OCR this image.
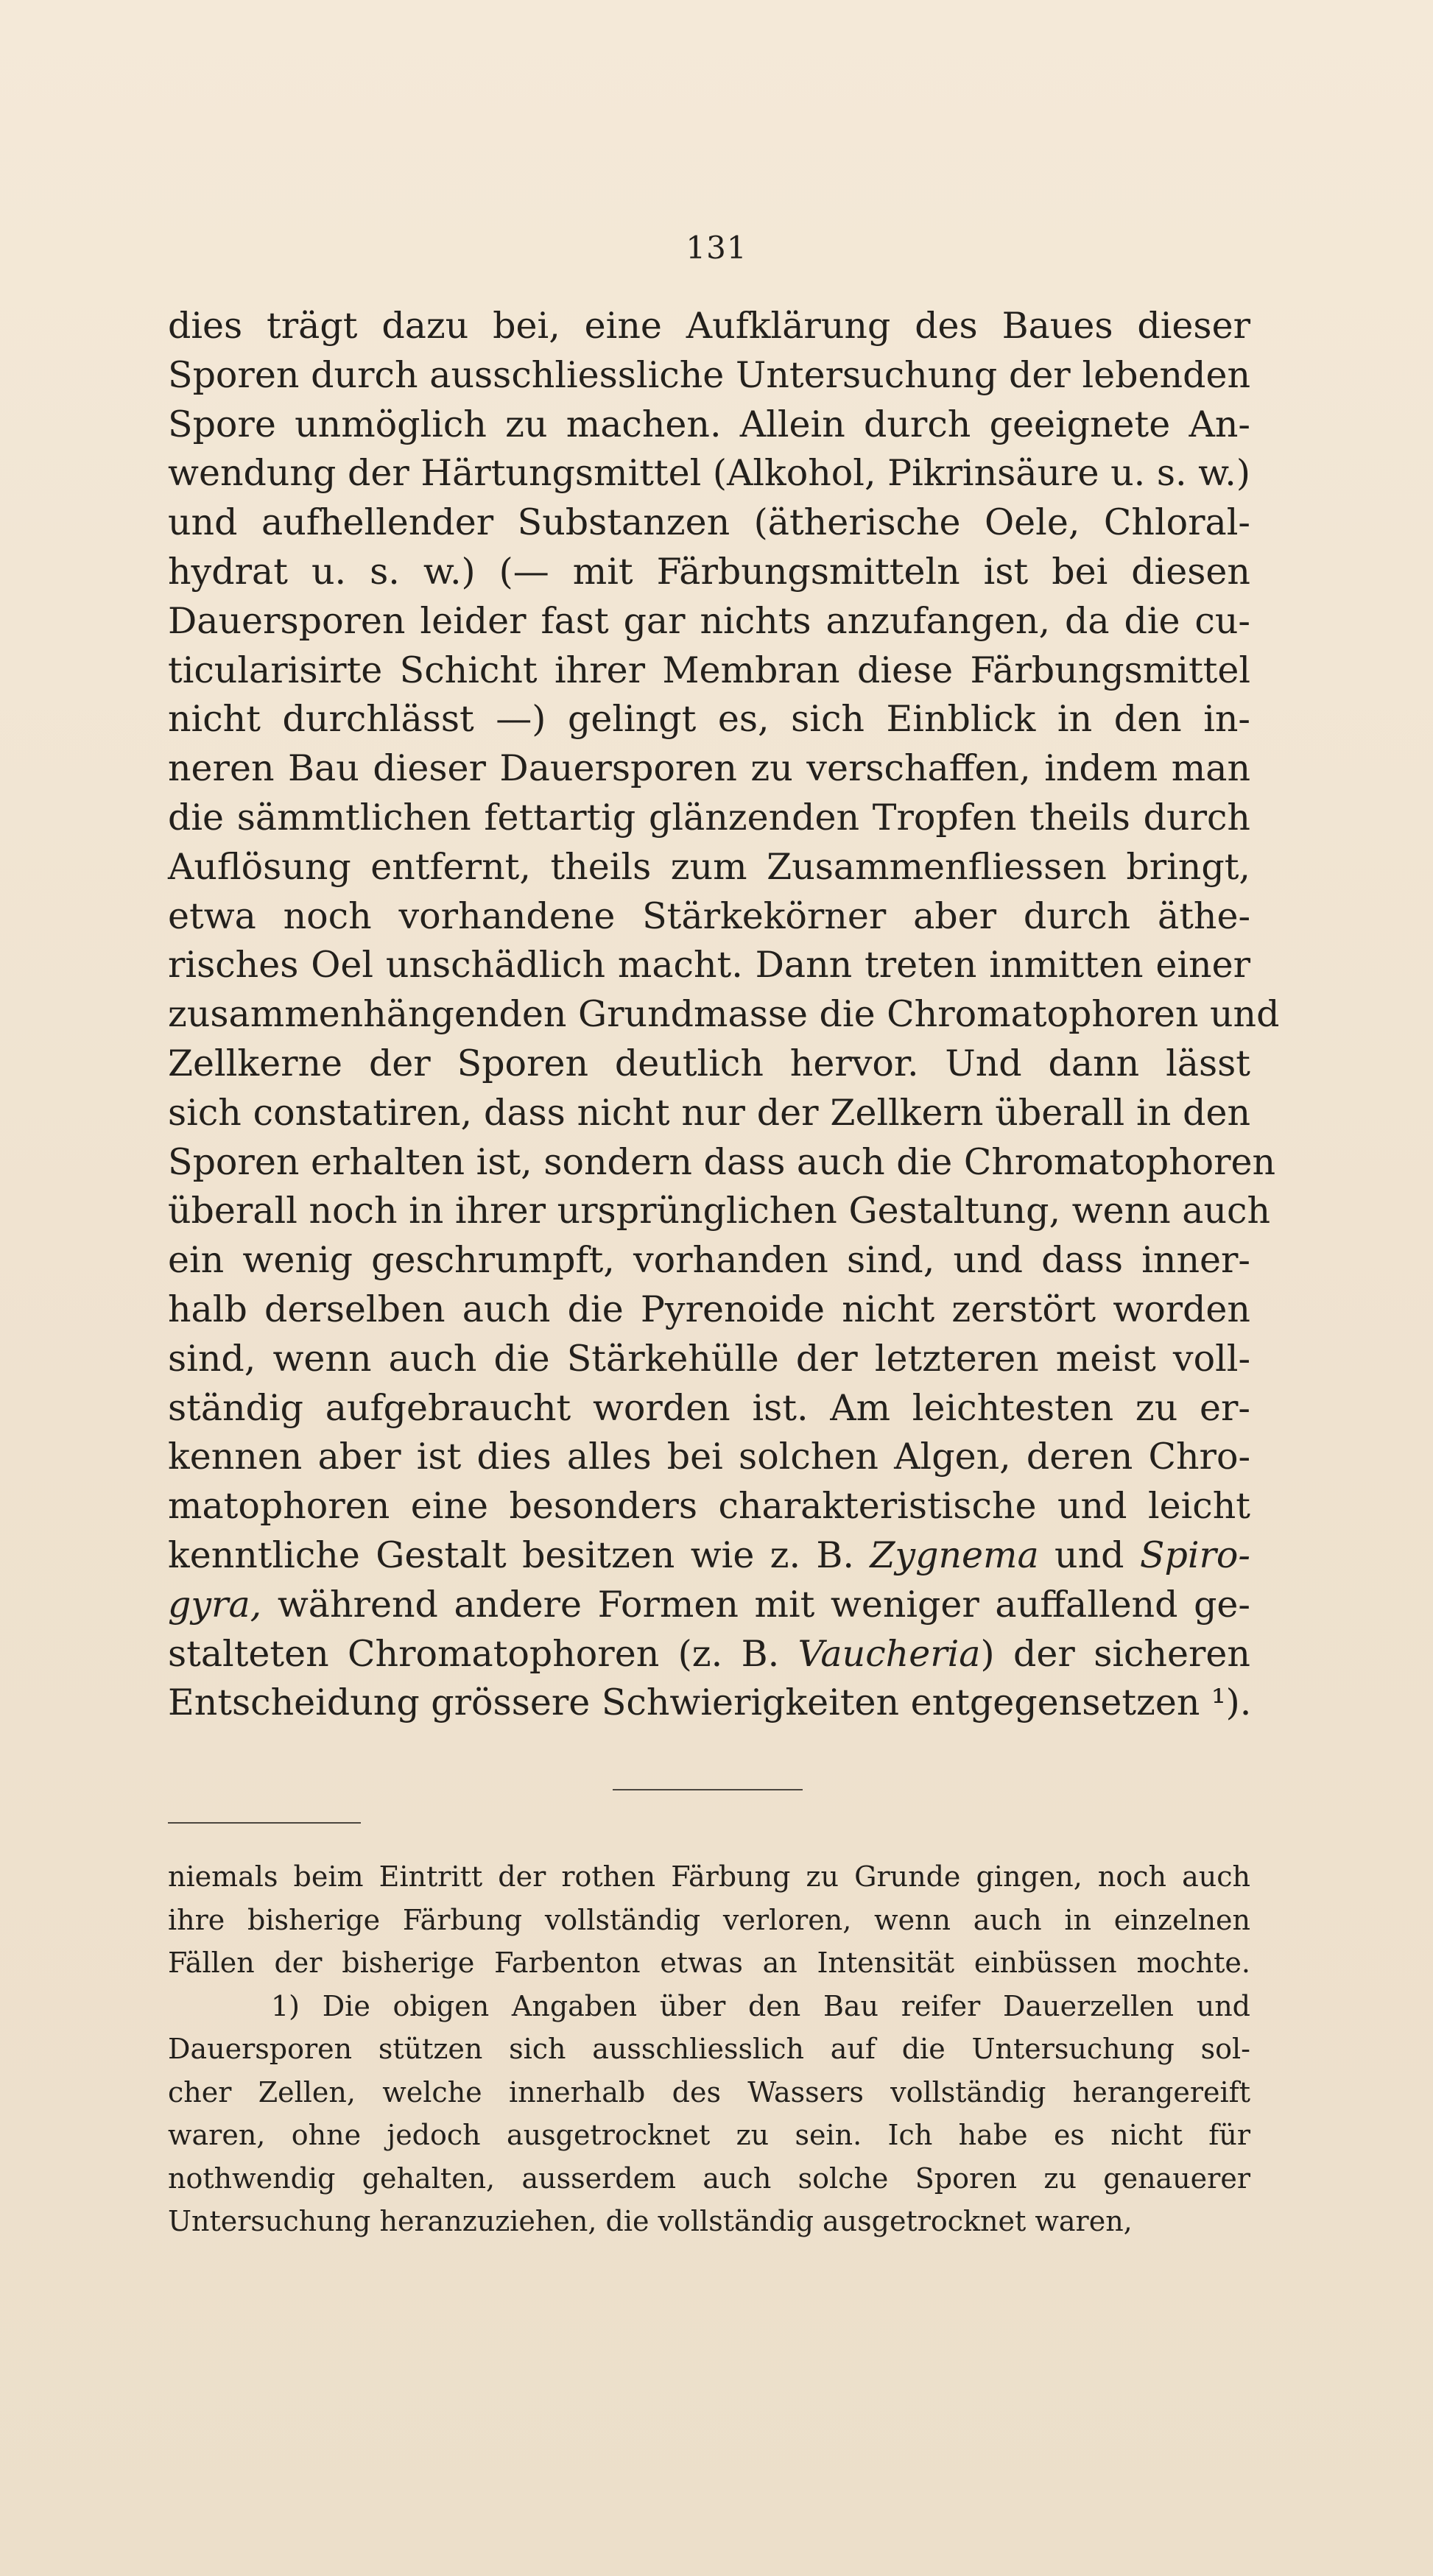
131
dies trägt dazu bei, eine Aufklärung des Baues dieser
Sporen durch ausschliessliche Untersuchung der lebenden
Spore unmöglich zu machen. Allein durch geeignete An-
wendung der Härtungsmittel (Alkohol, Pikrinsäure u. s. w.)
und aufhellender Substanzen (ätherische Oele, Chloral-
hydrat u. s. w.) (— mit Färbungsmitteln ist bei diesen
Dauersporen leider fast gar nichts anzufangen, da die cu-
ticularisirte Schicht ihrer Membran diese Färbungsmittel
nicht durchlässt —) gelingt es, sich Einblick in den in-
neren Bau dieser Dauersporen zu verschaffen, indem man
die sämmtlichen fettartig glänzenden Tropfen theils durch
Auflösung entfernt, theils zum Zusammenfliessen bringt,
etwa noch vorhandene Stärkekörner aber durch äthe-
risches Oel unschädlich macht. Dann treten inmitten einer
zusammenhängenden Grundmasse die Chromatophoren und
Zellkerne der Sporen deutlich hervor. Und dann lässt
sich constatiren, dass nicht nur der Zellkern überall in den
Sporen erhalten ist, sondern dass auch die Chromatophoren
überall noch in ihrer ursprünglichen Gestaltung, wenn auch
ein wenig geschrumpft, vorhanden sind, und dass inner-
halb derselben auch die Pyrenoide nicht zerstört worden
sind, wenn auch die Stärkehülle der letzteren meist voll-
ständig aufgebraucht worden ist. Am leichtesten zu er-
kennen aber ist dies alles bei solchen Algen, deren Chro-
matophoren eine besonders charakteristische und leicht
kenntliche Gestalt besitzen wie z. B. Zygnema und Spiro-
gyra, während andere Formen mit weniger auffallend ge-
stalteten Chromatophoren (z. B. Vaucheria) der sicheren
Entscheidung grössere Schwierigkeiten entgegensetzen ¹).
niemals beim Eintritt der rothen Färbung zu Grunde gingen, noch auch
ihre bisherige Färbung vollständig verloren, wenn auch in einzelnen
Fällen der bisherige Farbenton etwas an Intensität einbüssen mochte.
1) Die obigen Angaben über den Bau reifer Dauerzellen und
Dauersporen stützen sich ausschliesslich auf die Untersuchung sol-
cher Zellen, welche innerhalb des Wassers vollständig herangereift
waren, ohne jedoch ausgetrocknet zu sein. Ich habe es nicht für
nothwendig gehalten, ausserdem auch solche Sporen zu genauerer
Untersuchung heranzuziehen, die vollständig ausgetrocknet waren,
